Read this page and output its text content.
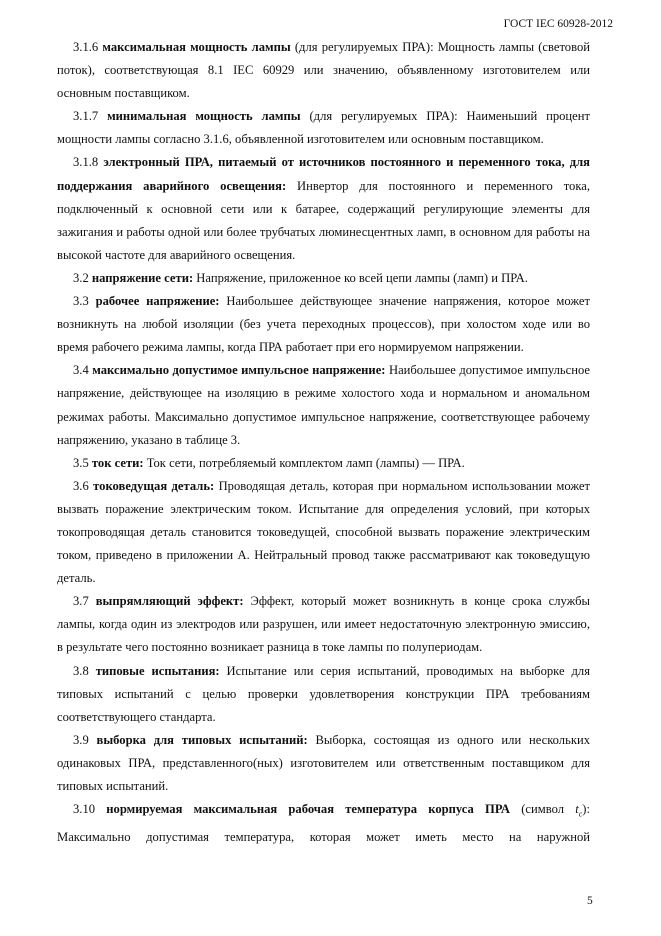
ГОСТ IEC 60928-2012

3.1.6 максимальная мощность лампы (для регулируемых ПРА): Мощность лампы (световой поток), соответствующая 8.1 IEC 60929 или значению, объявленному изготовителем или основным поставщиком.

3.1.7 минимальная мощность лампы (для регулируемых ПРА): Наименьший процент мощности лампы согласно 3.1.6, объявленной изготовителем или основным поставщиком.

3.1.8 электронный ПРА, питаемый от источников постоянного и переменного тока, для поддержания аварийного освещения: Инвертор для постоянного и переменного тока, подключенный к основной сети или к батарее, содержащий регулирующие элементы для зажигания и работы одной или более трубчатых люминесцентных ламп, в основном для работы на высокой частоте для аварийного освещения.

3.2 напряжение сети: Напряжение, приложенное ко всей цепи лампы (ламп) и ПРА.

3.3 рабочее напряжение: Наибольшее действующее значение напряжения, которое может возникнуть на любой изоляции (без учета переходных процессов), при холостом ходе или во время рабочего режима лампы, когда ПРА работает при его нормируемом напряжении.

3.4 максимально допустимое импульсное напряжение: Наибольшее допустимое импульсное напряжение, действующее на изоляцию в режиме холостого хода и нормальном и аномальном режимах работы. Максимально допустимое импульсное напряжение, соответствующее рабочему напряжению, указано в таблице 3.

3.5 ток сети: Ток сети, потребляемый комплектом ламп (лампы) — ПРА.

3.6 токоведущая деталь: Проводящая деталь, которая при нормальном использовании может вызвать поражение электрическим током. Испытание для определения условий, при которых токопроводящая деталь становится токоведущей, способной вызвать поражение электрическим током, приведено в приложении А. Нейтральный провод также рассматривают как токоведущую деталь.

3.7 выпрямляющий эффект: Эффект, который может возникнуть в конце срока службы лампы, когда один из электродов или разрушен, или имеет недостаточную электронную эмиссию, в результате чего постоянно возникает разница в токе лампы по полупериодам.

3.8 типовые испытания: Испытание или серия испытаний, проводимых на выборке для типовых испытаний с целью проверки удовлетворения конструкции ПРА требованиям соответствующего стандарта.

3.9 выборка для типовых испытаний: Выборка, состоящая из одного или нескольких одинаковых ПРА, представленного(ных) изготовителем или ответственным поставщиком для типовых испытаний.

3.10 нормируемая максимальная рабочая температура корпуса ПРА (символ $t_c$): Максимально допустимая температура, которая может иметь место на наружной

5
